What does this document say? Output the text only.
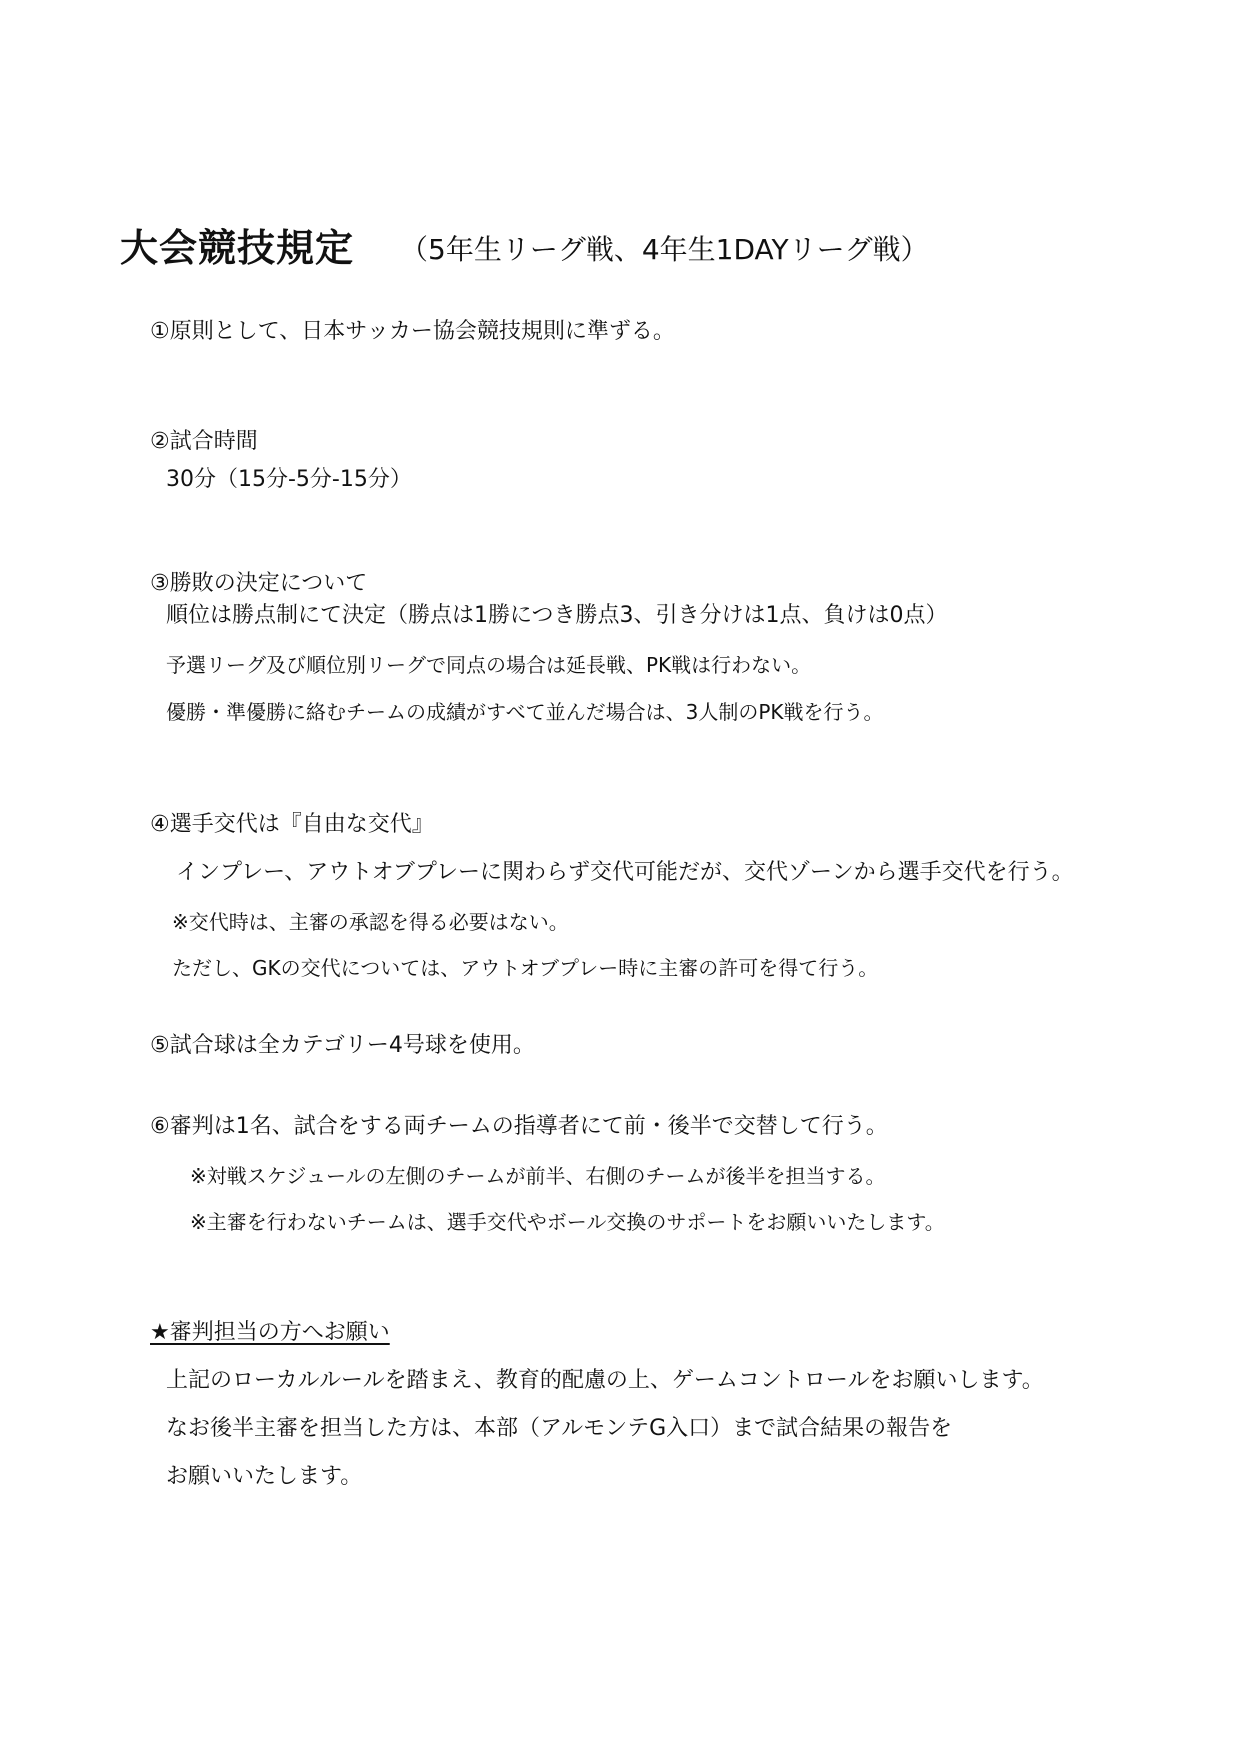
大会競技規定 （5年生リーグ戦、4年生1DAYリーグ戦）
①原則として、日本サッカー協会競技規則に準ずる。
②試合時間
30分（15分-5分-15分）
③勝敗の決定について
順位は勝点制にて決定（勝点は1勝につき勝点3、引き分けは1点、負けは0点）
予選リーグ及び順位別リーグで同点の場合は延長戦、PK戦は行わない。
優勝・準優勝に絡むチームの成績がすべて並んだ場合は、3人制のPK戦を行う。
④選手交代は『自由な交代』
インプレー、アウトオブプレーに関わらず交代可能だが、交代ゾーンから選手交代を行う。
※交代時は、主審の承認を得る必要はない。
ただし、GKの交代については、アウトオブプレー時に主審の許可を得て行う。
⑤試合球は全カテゴリー4号球を使用。
⑥審判は1名、試合をする両チームの指導者にて前・後半で交替して行う。
※対戦スケジュールの左側のチームが前半、右側のチームが後半を担当する。
※主審を行わないチームは、選手交代やボール交換のサポートをお願いいたします。
★審判担当の方へお願い
上記のローカルルールを踏まえ、教育的配慮の上、ゲームコントロールをお願いします。
なお後半主審を担当した方は、本部（アルモンテG入口）まで試合結果の報告を
お願いいたします。
